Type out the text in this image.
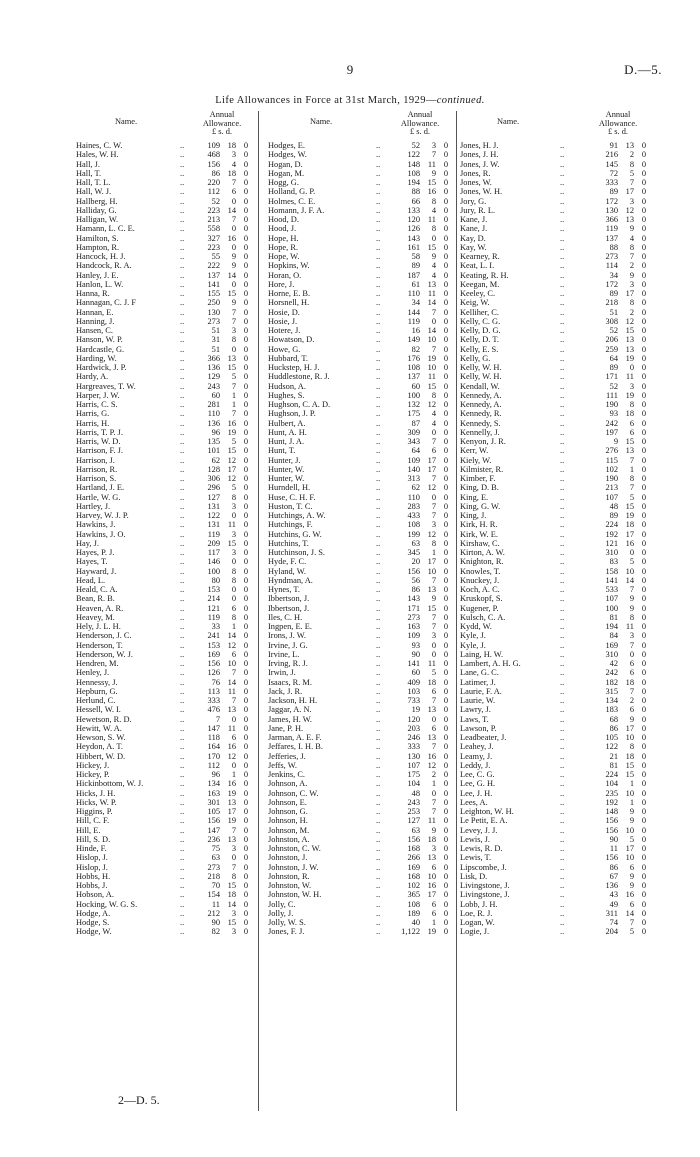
9	D.—5.
Life Allowances in Force at 31st March, 1929—continued.
Name.
Annual
Allowance.
£ s. d.
Haines, C. W.	..	109 18 0
Hales, W. H.	..	468	3 0
Hall, J.	..	156	4 0
Hall, T.	..	86 18 0
Hall, T. L.	..	220	7 0
Hall, W. J.	..	112	6 0
Hallberg, H.	..	52	0 0
Halliday, G.	..	223 14 0
Halligan, W.	..	213	7 0
Hamann, L. C. E.	..	558	0 0
Hamilton, S.	..	327 16 0
Hampton, R.	..	223	0 0
Hancock, H. J.	..	55	9 0
Handcock, R. A.	..	222	9 0
Hanley, J. E.	..	137 14 0
Hanlon, L. W.	..	141	0 0
Hanna, R.	..	155 15 0
Hannagan, C. J. F	..	250	9 0
Hannan, E.	..	130	7 0
Hanning, J.	..	273	7 0
Hansen, C.	..	51	3 0
Hanson, W. P.	..	31	8 0
Hardcastle, G.	..	51	0 0
Harding, W.	..	366 13 0
Hardwick, J. P.	..	136 15 0
Hardy, A.	..	129	5 0
Hargreaves, T. W.	..	243	7 0
Harper, J. W.	..	60	1 0
Harris, C. S.	..	281	1 0
Harris, G.	..	110	7 0
Harris, H.	..	136 16 0
Harris, T. P. J.	..	96 19 0
Harris, W. D.	..	135	5 0
Harrison, F. J.	..	101 15 0
Harrison, J.	..	62 12 0
Harrison, R.	..	128 17 0
Harrison, S.	..	306 12 0
Hartland, J. E.	..	296	5 0
Hartle, W. G.	..	127	8 0
Hartley, J.	..	131	3 0
Harvey, W. J. P.	..	122	0 0
Hawkins, J.	..	131 11 0
Hawkins, J. O.	..	119	3 0
Hay, J.	..	209 15 0
Hayes, P. J.	..	117	3 0
Hayes, T.	..	146	0 0
Hayward, J.	..	100	8 0
Head, L.	..	80	8 0
Heald, C. A.	..	153	0 0
Bean, R. B.	..	214	0 0
Heaven, A. R.	..	121	6 0
Heavey, M.	..	119	8 0
Hely, J. L. H.	..	33	1 0
Henderson, J. C.	..	241 14 0
Henderson, T.	..	153 12 0
Henderson, W. J.	..	169	6 0
Hendren, M.	..	156 10 0
Henley, J.	..	126	7 0
Hennessy, J.	..	76 14 0
Hepburn, G.	..	113 11 0
Herlund, C.	..	333	7 0
Hessell, W. I.	..	476 13 0
Hewetson, R. D.	..	7	0 0
Hewitt, W. A.	..	147 11 0
Hewson, S. W.	..	118	6 0
Heydon, A. T.	..	164 16 0
Hibbert, W. D.	..	170 12 0
Hickey, J.	..	112	0 0
Hickey, P.	..	96	1 0
Hickinbottom, W. J.	..	134 16 0
Hicks, J. H.	..	163 19 0
Hicks, W. P.	..	301 13 0
Higgins, P.	..	105 17 0
Hill, C. F.	..	156 19 0
Hill, E.	..	147	7 0
Hill, S. D.	..	236 13 0
Hinde, F.	..	75	3 0
Hislop, J.	..	63	0 0
Hislop, J.	..	273	7 0
Hobbs, H.	..	218	8 0
Hobbs, J.	..	70 15 0
Hobson, A.	..	154 18 0
Hocking, W. G. S.	..	11 14 0
Hodge, A.	..	212	3 0
Hodge, S.	..	90 15 0
Hodge, W.	..	82	3 0
Name.
Annual
Allowance.
£ s. d.
Hodges, E.	..	52	3 0
Hodges, W.	..	122	7 0
Hogan, D.	..	148 11 0
Hogan, M.	..	108	9 0
Hogg, G.	..	194 15 0
Holland, G. P.	..	88 16 0
Holmes, C. E.	..	66	8 0
Homann, J. F. A.	..	133	4 0
Hood, D.	..	120 11 0
Hood, J.	..	126	8 0
Hope, H.	..	143	0 0
Hope, R.	..	161 15 0
Hope, W.	..	58	9 0
Hopkins, W.	..	89	4 0
Horan, O.	..	187	4 0
Hore, J.	..	61 13 0
Horne, E. B.	..	110 11 0
Horsnell, H.	..	34 14 0
Hosie, D.	..	144	7 0
Hosie, J.	..	119	0 0
Hotere, J.	..	16 14 0
Howatson, D.	..	149 10 0
Howe, G.	..	82	7 0
Hubbard, T.	..	176 19 0
Huckstep, H. J.	..	108 10 0
Huddlestone, R. J.	..	137 11 0
Hudson, A.	..	60 15 0
Hughes, S.	..	100	8 0
Hughson, C. A. D.	..	132 12 0
Hughson, J. P.	..	175	4 0
Hulbert, A.	..	87	4 0
Hunt, A. H.	..	309	0 0
Hunt, J. A.	..	343	7 0
Hunt, T.	..	64	6 0
Hunter, J.	..	109 17 0
Hunter, W.	..	140 17 0
Hunter, W.	..	313	7 0
Hurndell, H.	..	62 12 0
Huse, C. H. F.	..	110	0 0
Huston, T. C.	..	283	7 0
Hutchings, A. W.	..	433	7 0
Hutchings, F.	..	108	3 0
Hutchins, G. W.	..	199 12 0
Hutchins, T.	..	63	8 0
Hutchinson, J. S.	..	345	1 0
Hyde, F. C.	..	20 17 0
Hyland, W.	..	156 10 0
Hyndman, A.	..	56	7 0
Hynes, T.	..	86 13 0
Ibbertson, J.	..	143	9 0
Ibbertson, J.	..	171 15 0
Iles, C. H.	..	273	7 0
Ingpen, E. E.	..	163	7 0
Irons, J. W.	..	109	3 0
Irvine, J. G.	..	93	0 0
Irvine, L.	..	90	0 0
Irving, R. J.	..	141 11 0
Irwin, J.	..	60	5 0
Isaacs, R. M.	..	409 18 0
Jack, J. R.	..	103	6 0
Jackson, H. H.	..	733	7 0
Jaggar, A. N.	..	19 13 0
James, H. W.	..	120	0 0
Jane, P. H.	..	203	6 0
Jarman, A. E. F.	..	246 13 0
Jeffares, I. H. B.	..	333	7 0
Jefferies, J.	..	130 16 0
Jeffs, W.	..	107 12 0
Jenkins, C.	..	175	2 0
Johnson, A.	..	104	1 0
Johnson, C. W.	..	48	0 0
Johnson, E.	..	243	7 0
Johnson, G.	..	253	7 0
Johnson, H.	..	127 11 0
Johnson, M.	..	63	9 0
Johnston, A.	..	156 18 0
Johnston, C. W.	..	168	3 0
Johnston, J.	..	266 13 0
Johnston, J. W.	..	169	6 0
Johnston, R.	..	168 10 0
Johnston, W.	..	102 16 0
Johnston, W. H.	..	365 17 0
Jolly, C.	..	108	6 0
Jolly, J.	..	189	6 0
Jolly, W. S.	..	40	1 0
Jones, F. J.	..	1,122 19 0
Name.
Annual
Allowance.
£ s. d.
Jones, H. J.	..	91 13 0
Jones, J. H.	..	216	2 0
Jones, J. W.	..	145	8 0
Jones, R.	..	72	5 0
Jones, W.	..	333	7 0
Jones, W. H.	..	89 17 0
Jory, G.	..	172	3 0
Jury, R. L.	..	130 12 0
Kane, J.	..	366 13 0
Kane, J.	..	119	9 0
Kay, D.	..	137	4 0
Kay, W.	..	88	8 0
Kearney, R.	..	273	7 0
Keat, L. I.	..	114	2 0
Keating, R. H.	..	34	9 0
Keegan, M.	..	172	3 0
Keeley, C.	..	89 17 0
Keig, W.	..	218	8 0
Kelliher, C.	..	51	2 0
Kelly, C. G.	..	308 12 0
Kelly, D. G.	..	52 15 0
Kelly, D. T.	..	206 13 0
Kelly, E. S.	..	259 13 0
Kelly, G.	..	64 19 0
Kelly, W. H.	..	89	0 0
Kelly, W. H.	..	171 11 0
Kendall, W.	..	52	3 0
Kennedy, A.	..	111 19 0
Kennedy, A.	..	190	8 0
Kennedy, R.	..	93 18 0
Kennedy, S.	..	242	6 0
Kennelly, J.	..	197	6 0
Kenyon, J. R.	..	9 15 0
Kerr, W.	..	276 13 0
Kiely, W.	..	115	7 0
Kilmister, R.	..	102	1 0
Kimber, F.	..	190	8 0
King, D. B.	..	213	7 0
King, E.	..	107	5 0
King, G. W.	..	48 15 0
King, J.	..	89 19 0
Kirk, H. R.	..	224 18 0
Kirk, W. E.	..	192 17 0
Kirshaw, C.	..	121 16 0
Kirton, A. W.	..	310	0 0
Knighton, R.	..	83	5 0
Knowles, T.	..	158 10 0
Knuckey, J.	..	141 14 0
Koch, A. C.	..	533	7 0
Kruskopf, S.	..	107	9 0
Kugener, P.	..	100	9 0
Kulsch, C. A.	..	81	8 0
Kydd, W.	..	194 11 0
Kyle, J.	..	84	3 0
Kyle, J.	..	169	7 0
Laing, H. W.	..	310	0 0
Lambert, A. H. G.	..	42	6 0
Lane, G. C.	..	242	6 0
Latimer, J.	..	182 18 0
Laurie, F. A.	..	315	7 0
Laurie, W.	..	134	2 0
Lawry, J.	..	183	6 0
Laws, T.	..	68	9 0
Lawson, P.	..	86 17 0
Leadbeater, J.	..	105 10 0
Leahey, J.	..	122	8 0
Leamy, J.	..	21 18 0
Leddy, J.	..	81 15 0
Lee, C. G.	..	224 15 0
Lee, G. H.	..	104	1 0
Lee, J. H.	..	235 10 0
Lees, A.	..	192	1 0
Leighton, W. H.	..	148	9 0
Le Petit, E. A.	..	156	9 0
Levey, J. J.	..	156 10 0
Lewis, J.	..	90	5 0
Lewis, R. D.	..	11 17 0
Lewis, T.	..	156 10 0
Lipscombe, J.	..	86	6 0
Lisk, D.	..	67	9 0
Livingstone, J.	..	136	9 0
Livingstone, J.	..	43 16 0
Lobb, J. H.	..	49	6 0
Loe, R. J.	..	311 14 0
Logan, W.	..	74	7 0
Logie, J.	..	204	5 0
2—D. 5.
